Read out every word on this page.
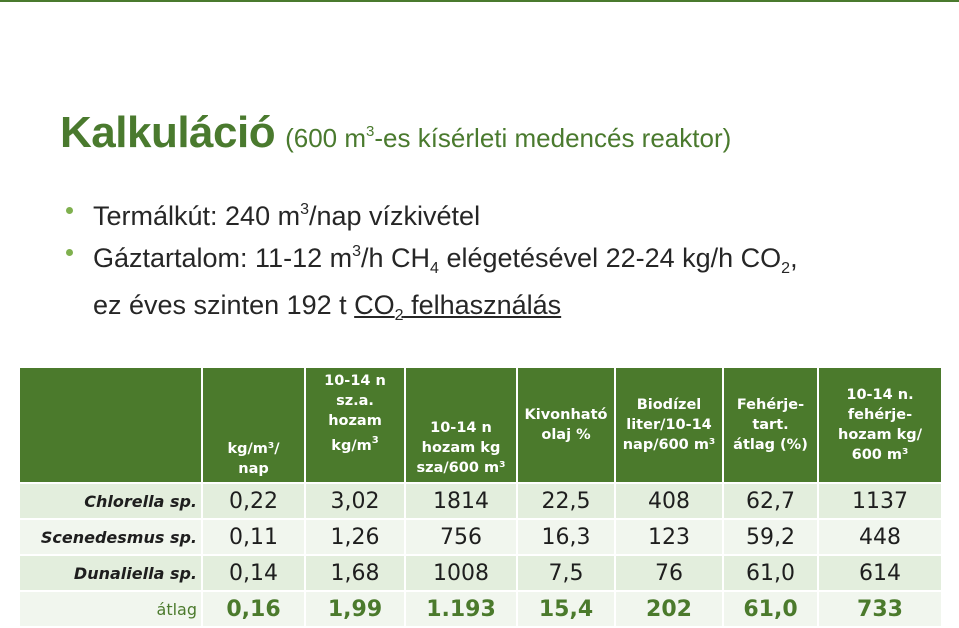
Kalkuláció (600 $m^3-es$ kísérleti medencés reaktor)
Termálkút: 240 $m^3$/nap vízkivétel
Gáztartalom: 11-12 $m^3/h$ $CH_4$ elégetésével 22-24 kg/h $CO_2$,
ez éves szinten 192 t $CO_2$ felhasználás

	kg/m³/ nap	10-14 n sz.a. hozam $kg/m^3$	10-14 n hozam kg sza/600 m³	Kivonható olaj %	Biodízel liter/10-14 nap/600 m³	Fehérje-tart. átlag (%)	10-14 n. fehérje-hozam kg/ 600 m³

Chlorella sp.	0,22	3,02	1814	22,5	408	62,7	1137
Scenedesmus sp.	0,11	1,26	756	16,3	123	59,2	448
Dunaliella sp.	0,14	1,68	1008	7,5	76	61,0	614
átlag	0,16	1,99	1.193	15,4	202	61,0	733
